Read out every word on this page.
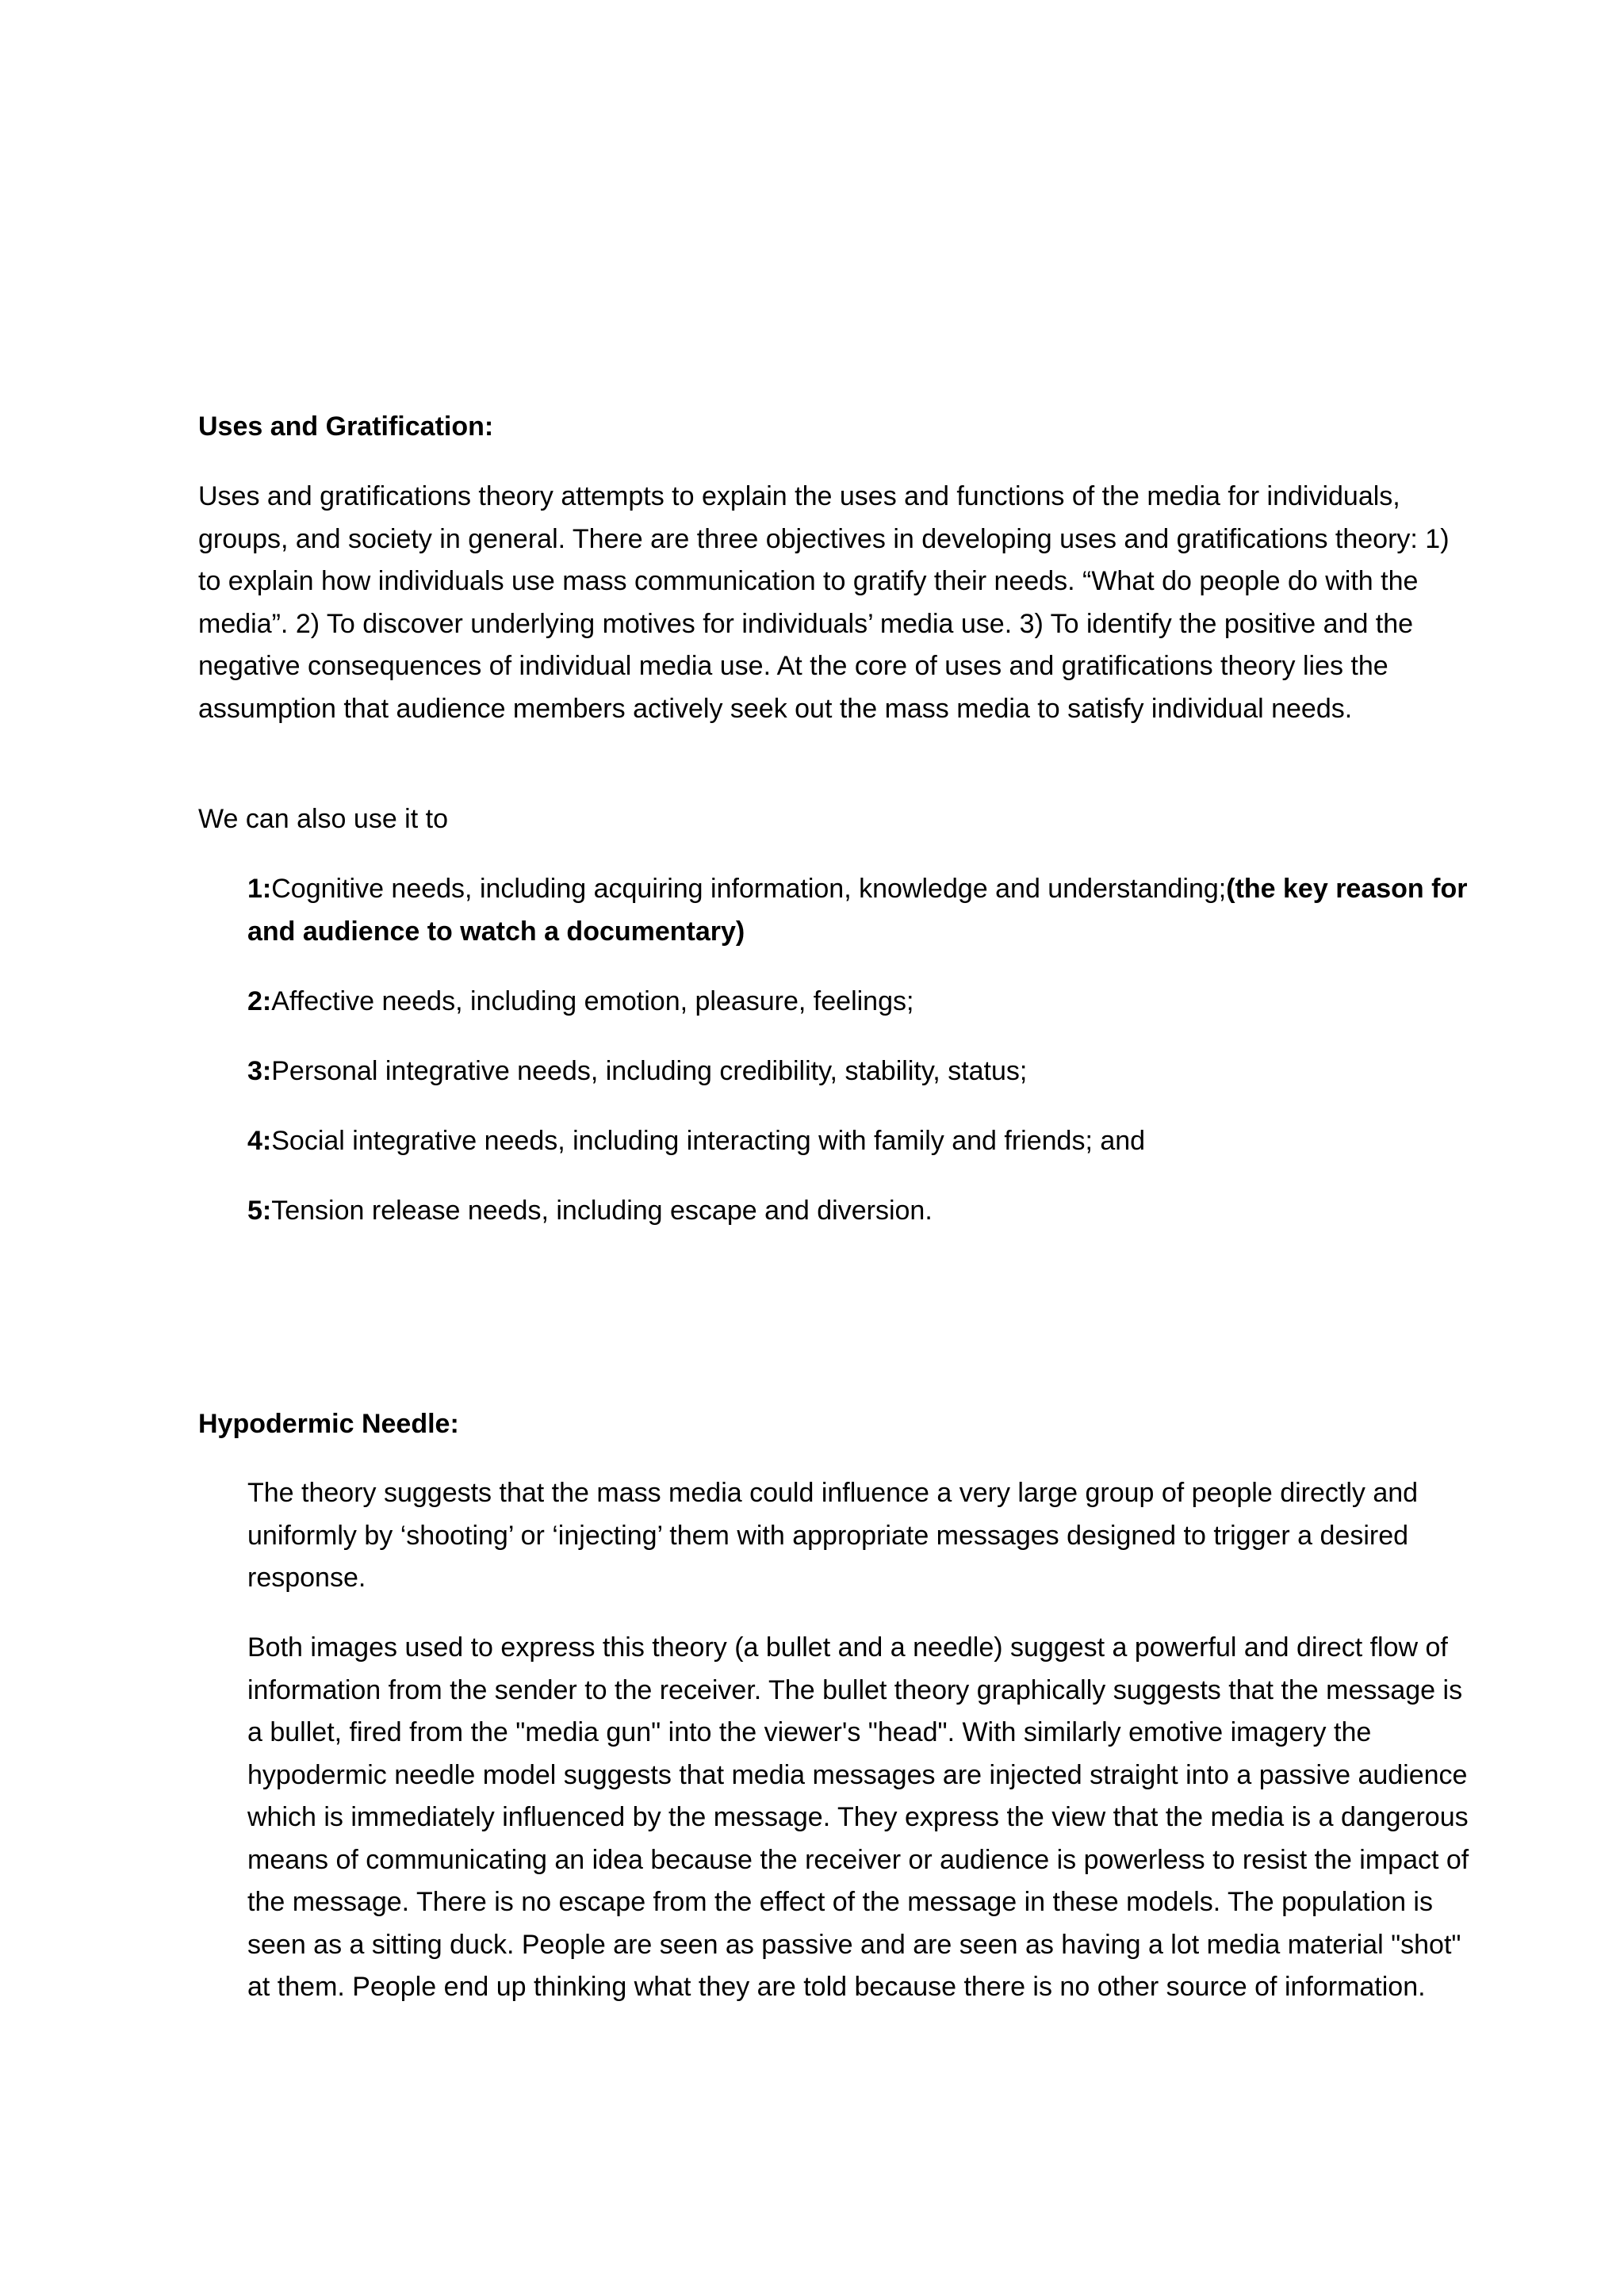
Uses and Gratification:

Uses and gratifications theory attempts to explain the uses and functions of the media for individuals, groups, and society in general. There are three objectives in developing uses and gratifications theory: 1) to explain how individuals use mass communication to gratify their needs. “What do people do with the media”. 2) To discover underlying motives for individuals’ media use. 3) To identify the positive and the negative consequences of individual media use. At the core of uses and gratifications theory lies the assumption that audience members actively seek out the mass media to satisfy individual needs.

We can also use it to

1:Cognitive needs, including acquiring information, knowledge and understanding;(the key reason for and audience to watch a documentary)
2:Affective needs, including emotion, pleasure, feelings;
3:Personal integrative needs, including credibility, stability, status;
4:Social integrative needs, including interacting with family and friends; and
5:Tension release needs, including escape and diversion.

Hypodermic Needle:

The theory suggests that the mass media could influence a very large group of people directly and uniformly by ‘shooting’ or ‘injecting’ them with appropriate messages designed to trigger a desired response.

Both images used to express this theory (a bullet and a needle) suggest a powerful and direct flow of information from the sender to the receiver. The bullet theory graphically suggests that the message is a bullet, fired from the "media gun" into the viewer's "head". With similarly emotive imagery the hypodermic needle model suggests that media messages are injected straight into a passive audience which is immediately influenced by the message. They express the view that the media is a dangerous means of communicating an idea because the receiver or audience is powerless to resist the impact of the message. There is no escape from the effect of the message in these models. The population is seen as a sitting duck. People are seen as passive and are seen as having a lot media material "shot" at them. People end up thinking what they are told because there is no other source of information.
